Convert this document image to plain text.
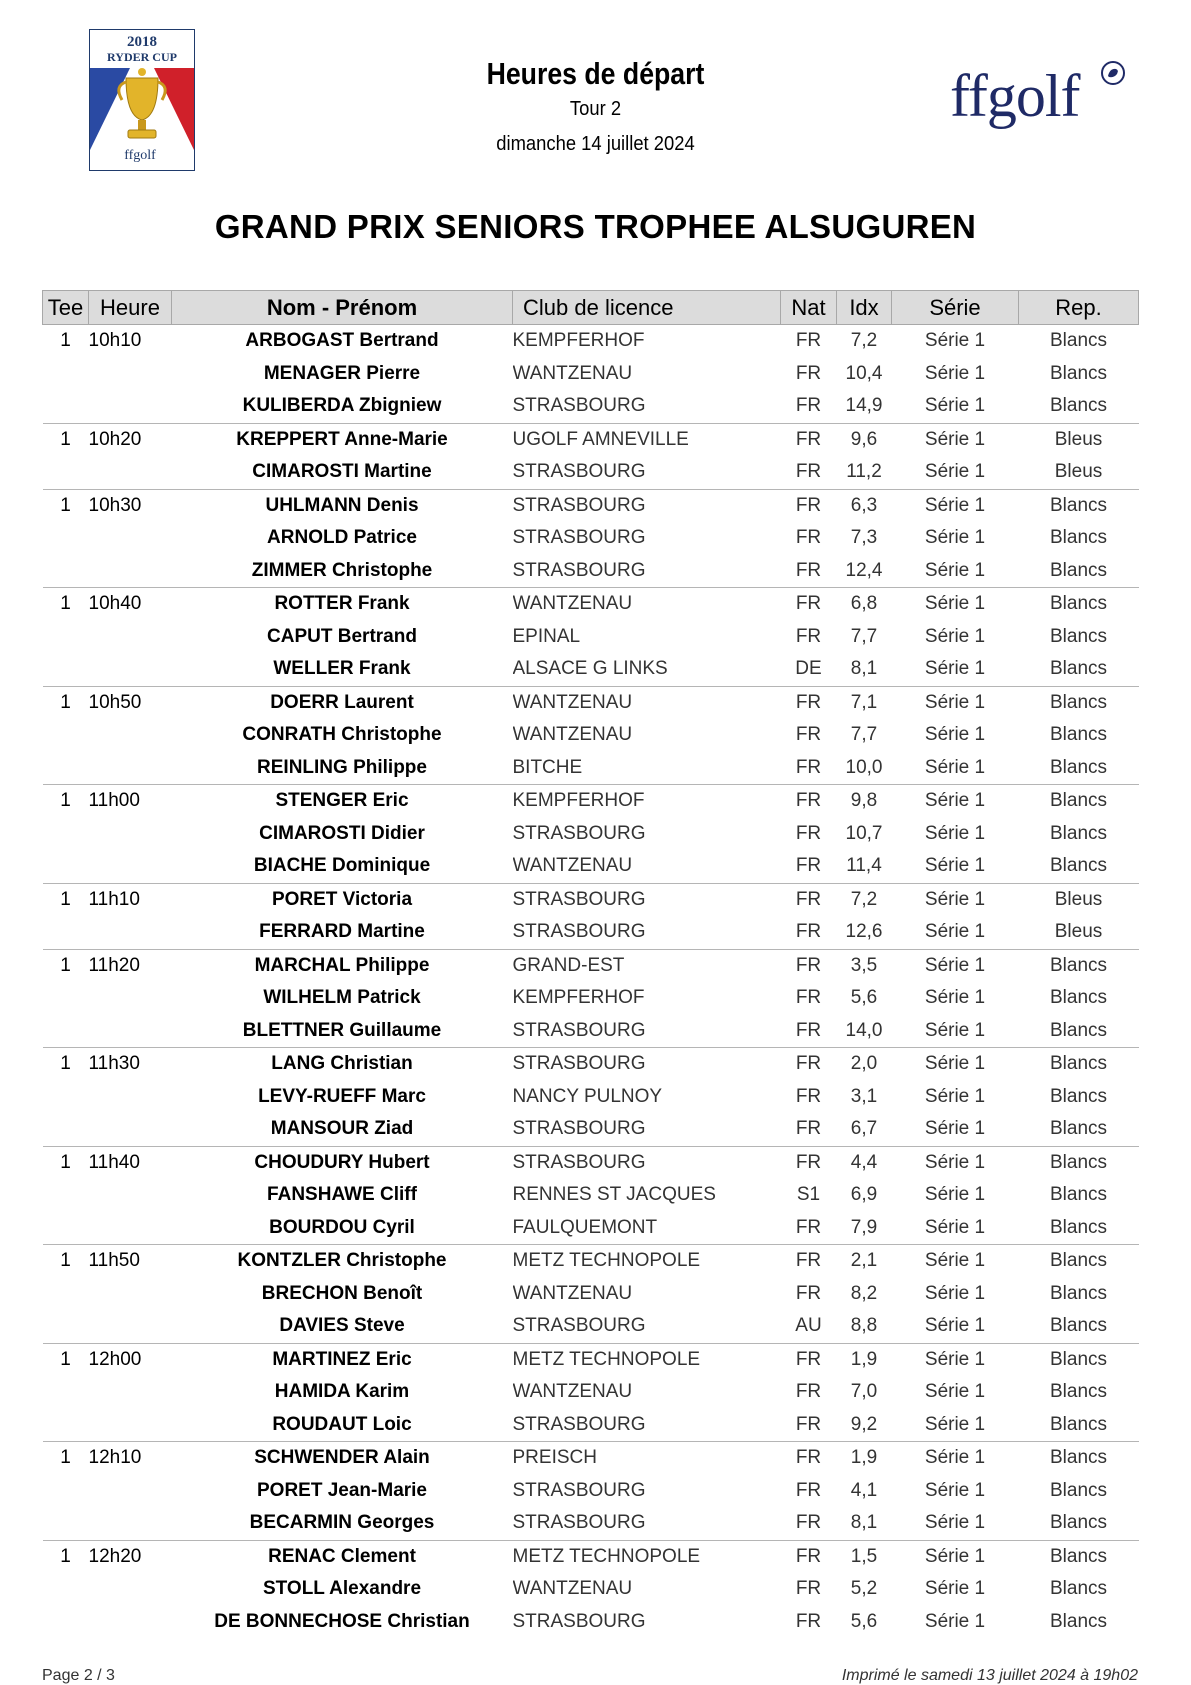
2018
RYDER CUP
ffgolf
ffgolf
Heures de départ
Tour 2
dimanche 14 juillet 2024
GRAND PRIX SENIORS TROPHEE ALSUGUREN
Tee	Heure	Nom - Prénom	Club de licence	Nat	Idx	Série	Rep.
1	10h10	ARBOGAST Bertrand	KEMPFERHOF	FR	7,2	Série 1	Blancs
		MENAGER Pierre	WANTZENAU	FR	10,4	Série 1	Blancs
		KULIBERDA Zbigniew	STRASBOURG	FR	14,9	Série 1	Blancs
1	10h20	KREPPERT Anne-Marie	UGOLF AMNEVILLE	FR	9,6	Série 1	Bleus
		CIMAROSTI Martine	STRASBOURG	FR	11,2	Série 1	Bleus
1	10h30	UHLMANN Denis	STRASBOURG	FR	6,3	Série 1	Blancs
		ARNOLD Patrice	STRASBOURG	FR	7,3	Série 1	Blancs
		ZIMMER Christophe	STRASBOURG	FR	12,4	Série 1	Blancs
1	10h40	ROTTER Frank	WANTZENAU	FR	6,8	Série 1	Blancs
		CAPUT Bertrand	EPINAL	FR	7,7	Série 1	Blancs
		WELLER Frank	ALSACE G LINKS	DE	8,1	Série 1	Blancs
1	10h50	DOERR Laurent	WANTZENAU	FR	7,1	Série 1	Blancs
		CONRATH Christophe	WANTZENAU	FR	7,7	Série 1	Blancs
		REINLING Philippe	BITCHE	FR	10,0	Série 1	Blancs
1	11h00	STENGER Eric	KEMPFERHOF	FR	9,8	Série 1	Blancs
		CIMAROSTI Didier	STRASBOURG	FR	10,7	Série 1	Blancs
		BIACHE Dominique	WANTZENAU	FR	11,4	Série 1	Blancs
1	11h10	PORET Victoria	STRASBOURG	FR	7,2	Série 1	Bleus
		FERRARD Martine	STRASBOURG	FR	12,6	Série 1	Bleus
1	11h20	MARCHAL Philippe	GRAND-EST	FR	3,5	Série 1	Blancs
		WILHELM Patrick	KEMPFERHOF	FR	5,6	Série 1	Blancs
		BLETTNER Guillaume	STRASBOURG	FR	14,0	Série 1	Blancs
1	11h30	LANG Christian	STRASBOURG	FR	2,0	Série 1	Blancs
		LEVY-RUEFF Marc	NANCY PULNOY	FR	3,1	Série 1	Blancs
		MANSOUR Ziad	STRASBOURG	FR	6,7	Série 1	Blancs
1	11h40	CHOUDURY Hubert	STRASBOURG	FR	4,4	Série 1	Blancs
		FANSHAWE Cliff	RENNES ST JACQUES	S1	6,9	Série 1	Blancs
		BOURDOU Cyril	FAULQUEMONT	FR	7,9	Série 1	Blancs
1	11h50	KONTZLER Christophe	METZ TECHNOPOLE	FR	2,1	Série 1	Blancs
		BRECHON Benoît	WANTZENAU	FR	8,2	Série 1	Blancs
		DAVIES Steve	STRASBOURG	AU	8,8	Série 1	Blancs
1	12h00	MARTINEZ Eric	METZ TECHNOPOLE	FR	1,9	Série 1	Blancs
		HAMIDA Karim	WANTZENAU	FR	7,0	Série 1	Blancs
		ROUDAUT Loic	STRASBOURG	FR	9,2	Série 1	Blancs
1	12h10	SCHWENDER Alain	PREISCH	FR	1,9	Série 1	Blancs
		PORET Jean-Marie	STRASBOURG	FR	4,1	Série 1	Blancs
		BECARMIN Georges	STRASBOURG	FR	8,1	Série 1	Blancs
1	12h20	RENAC Clement	METZ TECHNOPOLE	FR	1,5	Série 1	Blancs
		STOLL Alexandre	WANTZENAU	FR	5,2	Série 1	Blancs
		DE BONNECHOSE Christian	STRASBOURG	FR	5,6	Série 1	Blancs
Page 2 / 3	Imprimé le samedi 13 juillet 2024 à 19h02
